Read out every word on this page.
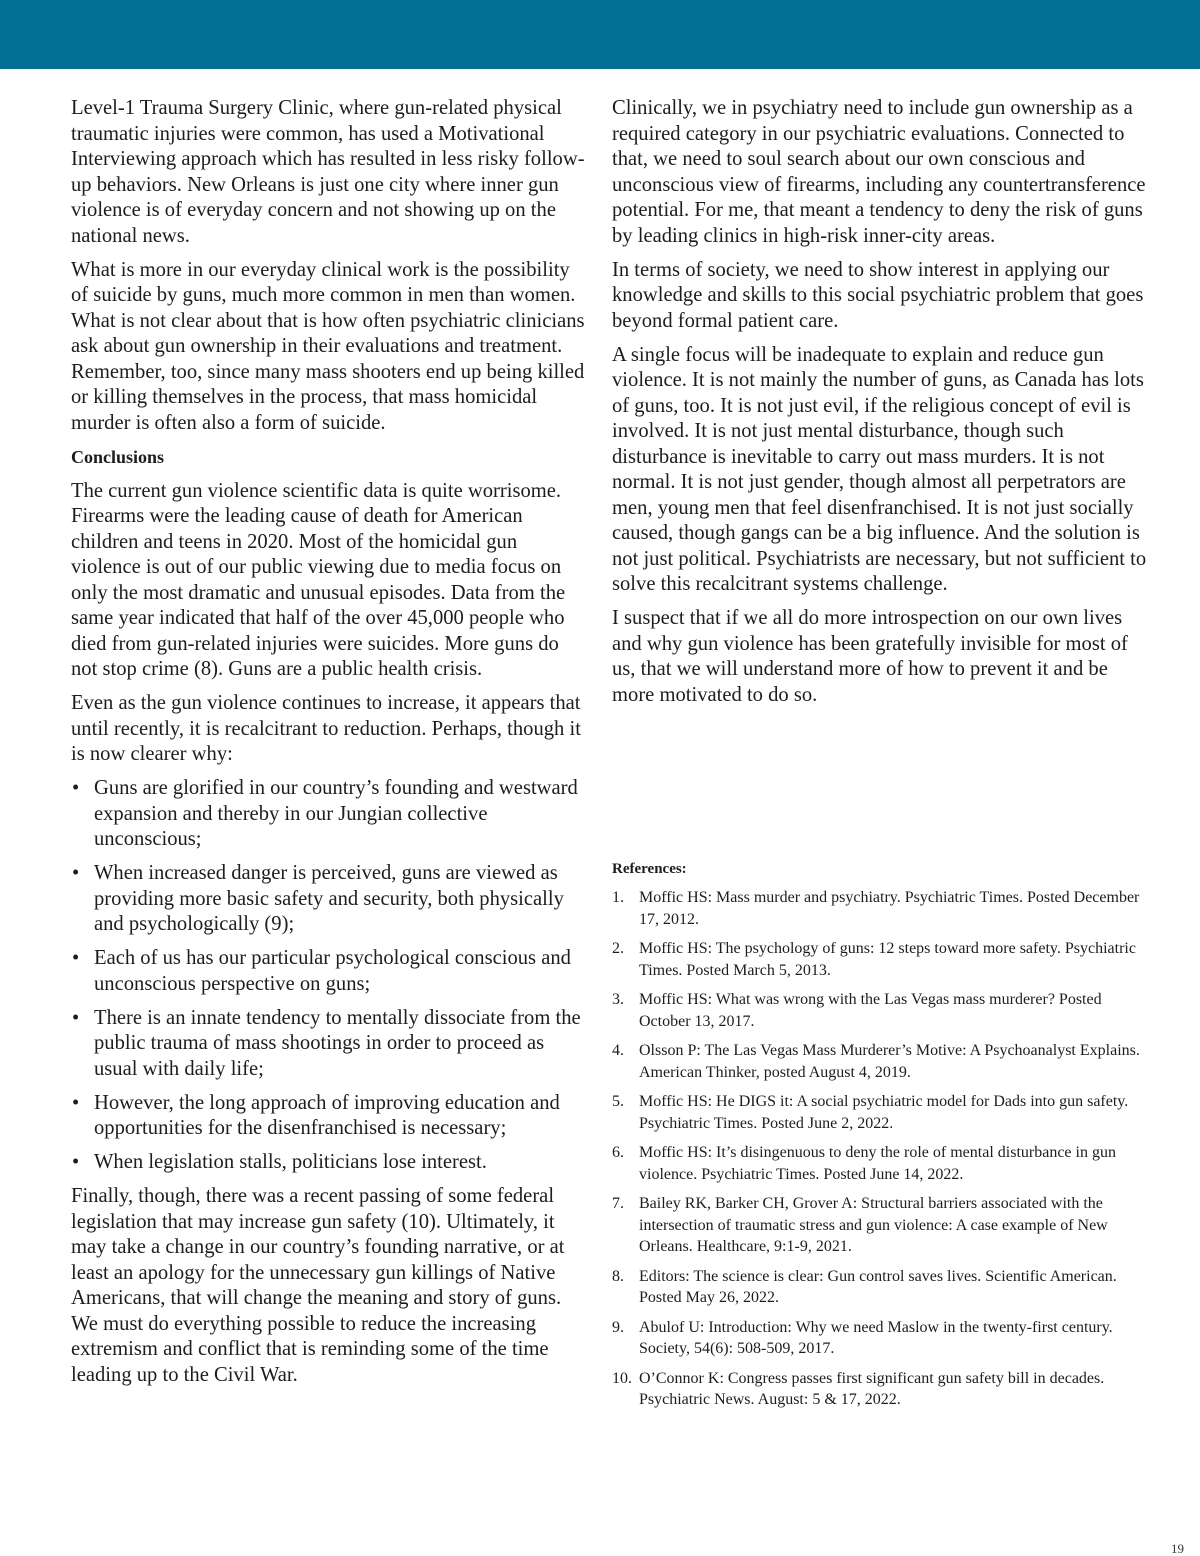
Level-1 Trauma Surgery Clinic, where gun-related physical traumatic injuries were common, has used a Motivational Interviewing approach which has resulted in less risky follow-up behaviors. New Orleans is just one city where inner gun violence is of everyday concern and not showing up on the national news.

What is more in our everyday clinical work is the possibility of suicide by guns, much more common in men than women. What is not clear about that is how often psychiatric clinicians ask about gun ownership in their evaluations and treatment. Remember, too, since many mass shooters end up being killed or killing themselves in the process, that mass homicidal murder is often also a form of suicide.

Conclusions

The current gun violence scientific data is quite worrisome. Firearms were the leading cause of death for American children and teens in 2020. Most of the homicidal gun violence is out of our public viewing due to media focus on only the most dramatic and unusual episodes. Data from the same year indicated that half of the over 45,000 people who died from gun-related injuries were suicides. More guns do not stop crime (8). Guns are a public health crisis.

Even as the gun violence continues to increase, it appears that until recently, it is recalcitrant to reduction. Perhaps, though it is now clearer why:

• Guns are glorified in our country’s founding and westward expansion and thereby in our Jungian collective unconscious;
• When increased danger is perceived, guns are viewed as providing more basic safety and security, both physically and psychologically (9);
• Each of us has our particular psychological conscious and unconscious perspective on guns;
• There is an innate tendency to mentally dissociate from the public trauma of mass shootings in order to proceed as usual with daily life;
• However, the long approach of improving education and opportunities for the disenfranchised is necessary;
• When legislation stalls, politicians lose interest.

Finally, though, there was a recent passing of some federal legislation that may increase gun safety (10). Ultimately, it may take a change in our country’s founding narrative, or at least an apology for the unnecessary gun killings of Native Americans, that will change the meaning and story of guns. We must do everything possible to reduce the increasing extremism and conflict that is reminding some of the time leading up to the Civil War.

Clinically, we in psychiatry need to include gun ownership as a required category in our psychiatric evaluations. Connected to that, we need to soul search about our own conscious and unconscious view of firearms, including any countertransference potential. For me, that meant a tendency to deny the risk of guns by leading clinics in high-risk inner-city areas.

In terms of society, we need to show interest in applying our knowledge and skills to this social psychiatric problem that goes beyond formal patient care.

A single focus will be inadequate to explain and reduce gun violence. It is not mainly the number of guns, as Canada has lots of guns, too. It is not just evil, if the religious concept of evil is involved. It is not just mental disturbance, though such disturbance is inevitable to carry out mass murders. It is not normal. It is not just gender, though almost all perpetrators are men, young men that feel disenfranchised. It is not just socially caused, though gangs can be a big influence. And the solution is not just political. Psychiatrists are necessary, but not sufficient to solve this recalcitrant systems challenge.

I suspect that if we all do more introspection on our own lives and why gun violence has been gratefully invisible for most of us, that we will understand more of how to prevent it and be more motivated to do so.

References:
1. Moffic HS: Mass murder and psychiatry. Psychiatric Times. Posted December 17, 2012.
2. Moffic HS: The psychology of guns: 12 steps toward more safety. Psychiatric Times. Posted March 5, 2013.
3. Moffic HS: What was wrong with the Las Vegas mass murderer? Posted October 13, 2017.
4. Olsson P: The Las Vegas Mass Murderer’s Motive: A Psychoanalyst Explains. American Thinker, posted August 4, 2019.
5. Moffic HS: He DIGS it: A social psychiatric model for Dads into gun safety. Psychiatric Times. Posted June 2, 2022.
6. Moffic HS: It’s disingenuous to deny the role of mental disturbance in gun violence. Psychiatric Times. Posted June 14, 2022.
7. Bailey RK, Barker CH, Grover A: Structural barriers associated with the intersection of traumatic stress and gun violence: A case example of New Orleans. Healthcare, 9:1-9, 2021.
8. Editors: The science is clear: Gun control saves lives. Scientific American. Posted May 26, 2022.
9. Abulof U: Introduction: Why we need Maslow in the twenty-first century. Society, 54(6): 508-509, 2017.
10. O’Connor K: Congress passes first significant gun safety bill in decades. Psychiatric News. August: 5 & 17, 2022.
19
